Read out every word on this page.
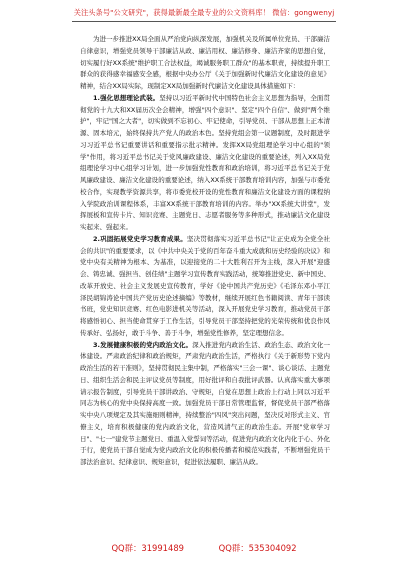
关注头条号"公文研究"，获得最新最全最专业的公文资料库！ 微信：gongwenyj

为进一步推进XX局全面从严治党向纵深发展，加强机关及所属单位党员、干部廉洁自律意识，增强党员领导干部廉洁从政、廉洁用权、廉洁修身、廉洁齐家的思想自觉，切实履行好XX系统"维护职工合法权益，竭诚服务职工群众"的基本职责，持续提升职工群众的获得感幸福感安全感，根据中央办公厅《关于加强新时代廉洁文化建设的意见》精神，结合XX局实际，现制定XX局加强新时代廉洁文化建设具体措施如下：

1.强化思想理论武装。坚持以习近平新时代中国特色社会主义思想为指导，全面贯彻党的十九大和XX届历次全会精神，增强"四个意识"、坚定"四个自信"、做到"两个维护"，牢记"国之大者"，切实做到不忘初心、牢记使命，引导党员、干部从思想上正本清源、固本培元，始终保持共产党人的政治本色。坚持党组会第一议题制度，及时跟进学习习近平总书记重要讲话和重要指示批示精神。发挥XX局党组理论学习中心组的"领学"作用，将习近平总书记关于党风廉政建设、廉洁文化建设的重要论述，列入XX局党组理论学习中心组学习计划，进一步加强党性教育和政治培训，将习近平总书记关于党风廉政建设、廉洁文化建设的重要论述，纳入XX系统干部教育培训内容，加强与市委党校合作，实现教学资源共享，将市委党校开设的党性教育和廉洁文化建设方面的课程纳入学院政治训课程体系，丰富XX系统干部教育培训的内容。举办"XX系统大讲堂"，发挥展板和宣传卡片、知识竞赛、主题党日、志愿者服务等多种形式，推动廉洁文化建设实起来、强起来。

2.巩固拓展党史学习教育成果。坚决贯彻落实习近平总书记"让正史成为全党全社会的共识"的重要要求，以《中共中央关于党的百年奋斗重大成就和历史经验的决议》和党中央有关精神为根本、为基准，以迎接党的二十大胜利召开为主线，深入开展"迎盛会、铸忠诚、强担当、创佳绩"主题学习宣传教育实践活动，统筹推进党史、新中国史、改革开放史、社会主义发展史宣传教育，学好《论中国共产党历史》《毛泽东邓小平江泽民胡锦涛论中国共产党历史论述摘编》等教材，继续开展红色书籍阅读、青年干部读书班，党史知识竞赛、红色电影进机关等活动，深入开展党史学习教育，推动党员干部将感悟初心、担当使命贯穿于工作生活，引导党员干部坚持把党的光荣传统和优良作风传承好、弘扬好，敢于斗争、善于斗争，增强党性修养，坚定理想信念。

3.发展健康积极的党内政治文化。深入推进党内政治生活、政治生态、政治文化一体建设。严肃政治纪律和政治规矩，严肃党内政治生活，严格执行《关于新形势下党内政治生活的若干准则》，坚持贯彻民主集中制，严格落实"三会一课"、谈心谈话、主题党日、组织生活会和民主评议党员等制度，用好批评和自我批评武器。认真落实重大事项请示报告制度，引导党员干部讲政治、守规矩，自觉在思想上政治上行动上同以习近平同志为核心的党中央保持高度一致。加强党员干部日常管理监督，督促党员干部严格落实中央八项规定及其实施细则精神，持续整治"四风"突出问题，坚决反对形式主义、官僚主义，培育积极健康的党内政治文化，营造风清气正的政治生态。开展"党章学习日"、"七一"建党节主题党日、重温入党誓词等活动，促进党内政治文化内化于心、外化于行，使党员干部自觉成为党内政治文化的积极传播者和模范实践者，不断增强党员干部法治意识、纪律意识、规矩意识，促进依法履职、廉洁从政。

QQ群：31991489	QQ群：535304092
